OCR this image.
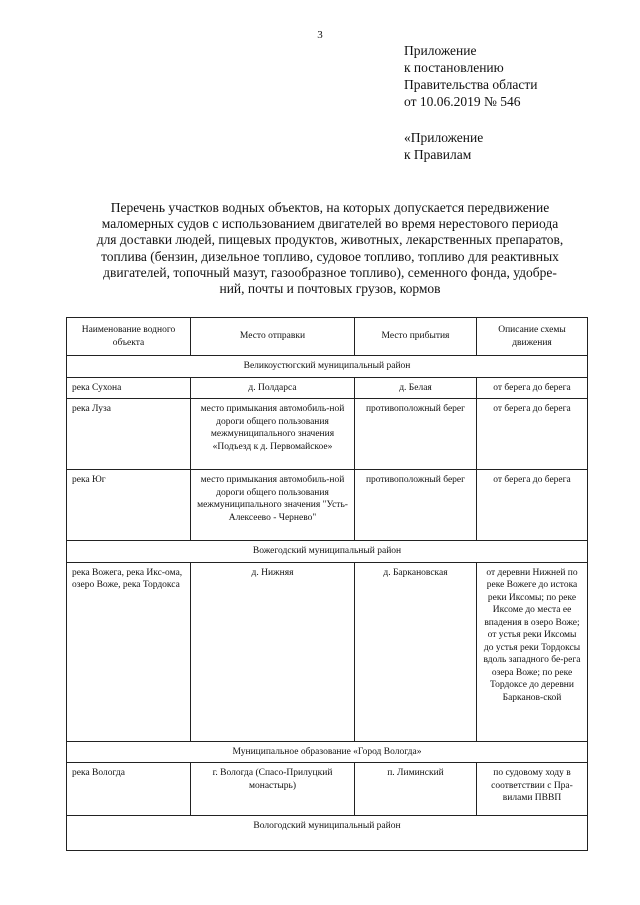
3
Приложение
к постановлению
Правительства области
от 10.06.2019 № 546
«Приложение
к Правилам
Перечень участков водных объектов, на которых допускается передвижение
маломерных судов с использованием двигателей во время нерестового периода
для доставки людей, пищевых продуктов, животных, лекарственных препаратов,
топлива (бензин, дизельное топливо, судовое топливо, топливо для реактивных
двигателей, топочный мазут, газообразное топливо), семенного фонда, удобре-
ний, почты и почтовых грузов, кормов
Наименование водного объекта	Место отправки	Место прибытия	Описание схемы движения
Великоустюгский муниципальный район			
река Сухона	д. Полдарса	д. Белая	от берега до берега
река Луза	место примыкания автомобиль-ной дороги общего пользования межмуниципального значения «Подъезд к д. Первомайское»	противоположный берег	от берега до берега
река Юг	место примыкания автомобиль-ной дороги общего пользования межмуниципального значения "Усть-Алексеево - Чернево"	противоположный берег	от берега до берега
Вожегодский муниципальный район			
река Вожега, река Икс-ома, озеро Воже, река Тордокса	д. Нижняя	д. Баркановская	от деревни Нижней по реке Вожеге до истока реки Иксомы; по реке Иксоме до места ее впадения в озеро Воже; от устья реки Иксомы до устья реки Тордоксы вдоль западного бе-рега озера Воже; по реке Тордоксе до деревни Барканов-ской
Муниципальное образование «Город Вологда»			
река Вологда	г. Вологда (Спасо-Прилуцкий монастырь)	п. Лиминский	по судовому ходу в соответствии с Пра-вилами ПВВП
Вологодский муниципальный район			
